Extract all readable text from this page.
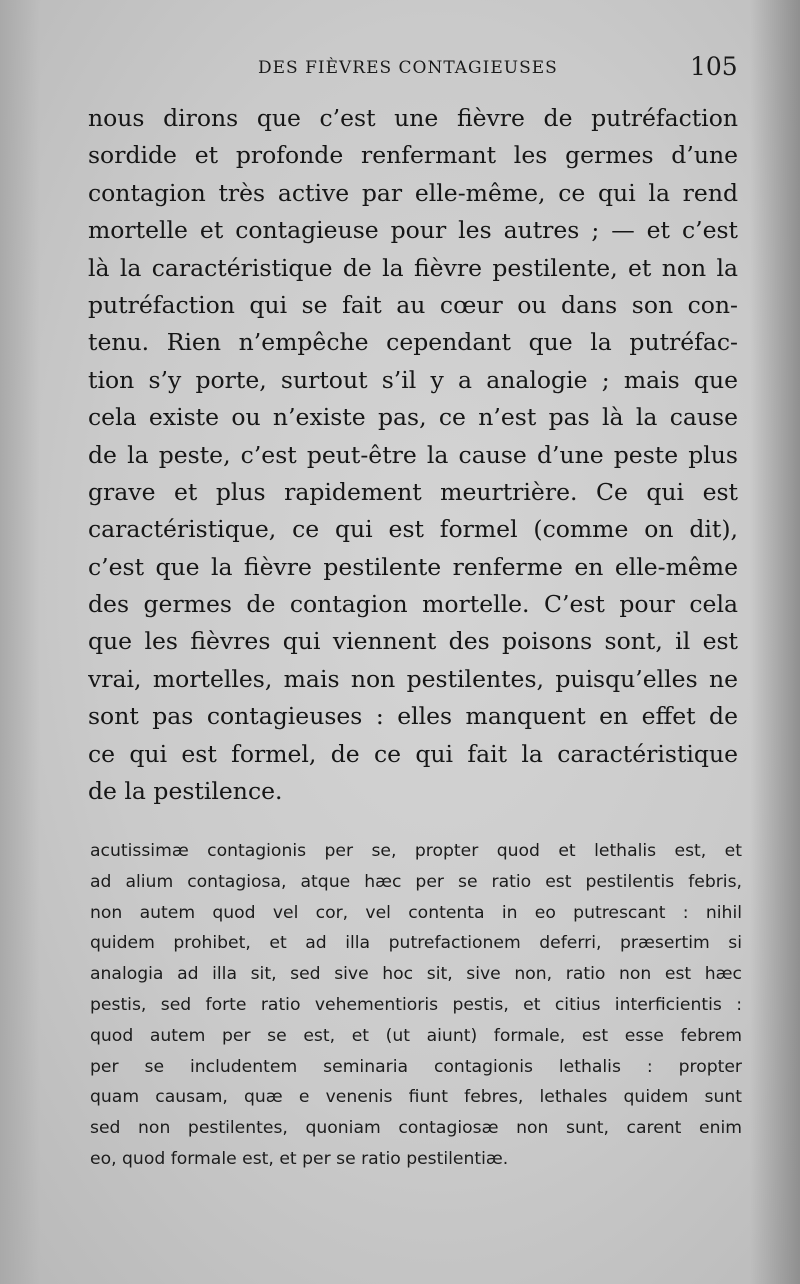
DES FIÈVRES CONTAGIEUSES	105
nous dirons que c’est une fièvre de putréfaction
sordide et profonde renfermant les germes d’une
contagion très active par elle-même, ce qui la rend
mortelle et contagieuse pour les autres ; — et c’est
là la caractéristique de la fièvre pestilente, et non la
putréfaction qui se fait au cœur ou dans son con-
tenu. Rien n’empêche cependant que la putréfac-
tion s’y porte, surtout s’il y a analogie ; mais que
cela existe ou n’existe pas, ce n’est pas là la cause
de la peste, c’est peut-être la cause d’une peste plus
grave et plus rapidement meurtrière. Ce qui est
caractéristique, ce qui est formel (comme on dit),
c’est que la fièvre pestilente renferme en elle-même
des germes de contagion mortelle. C’est pour cela
que les fièvres qui viennent des poisons sont, il est
vrai, mortelles, mais non pestilentes, puisqu’elles ne
sont pas contagieuses : elles manquent en effet de
ce qui est formel, de ce qui fait la caractéristique
de la pestilence.
acutissimæ contagionis per se, propter quod et lethalis est, et
ad alium contagiosa, atque hæc per se ratio est pestilentis febris,
non autem quod vel cor, vel contenta in eo putrescant : nihil
quidem prohibet, et ad illa putrefactionem deferri, præsertim si
analogia ad illa sit, sed sive hoc sit, sive non, ratio non est hæc
pestis, sed forte ratio vehementioris pestis, et citius interficientis :
quod autem per se est, et (ut aiunt) formale, est esse febrem
per se includentem seminaria contagionis lethalis : propter
quam causam, quæ e venenis fiunt febres, lethales quidem sunt
sed non pestilentes, quoniam contagiosæ non sunt, carent enim
eo, quod formale est, et per se ratio pestilentiæ.
